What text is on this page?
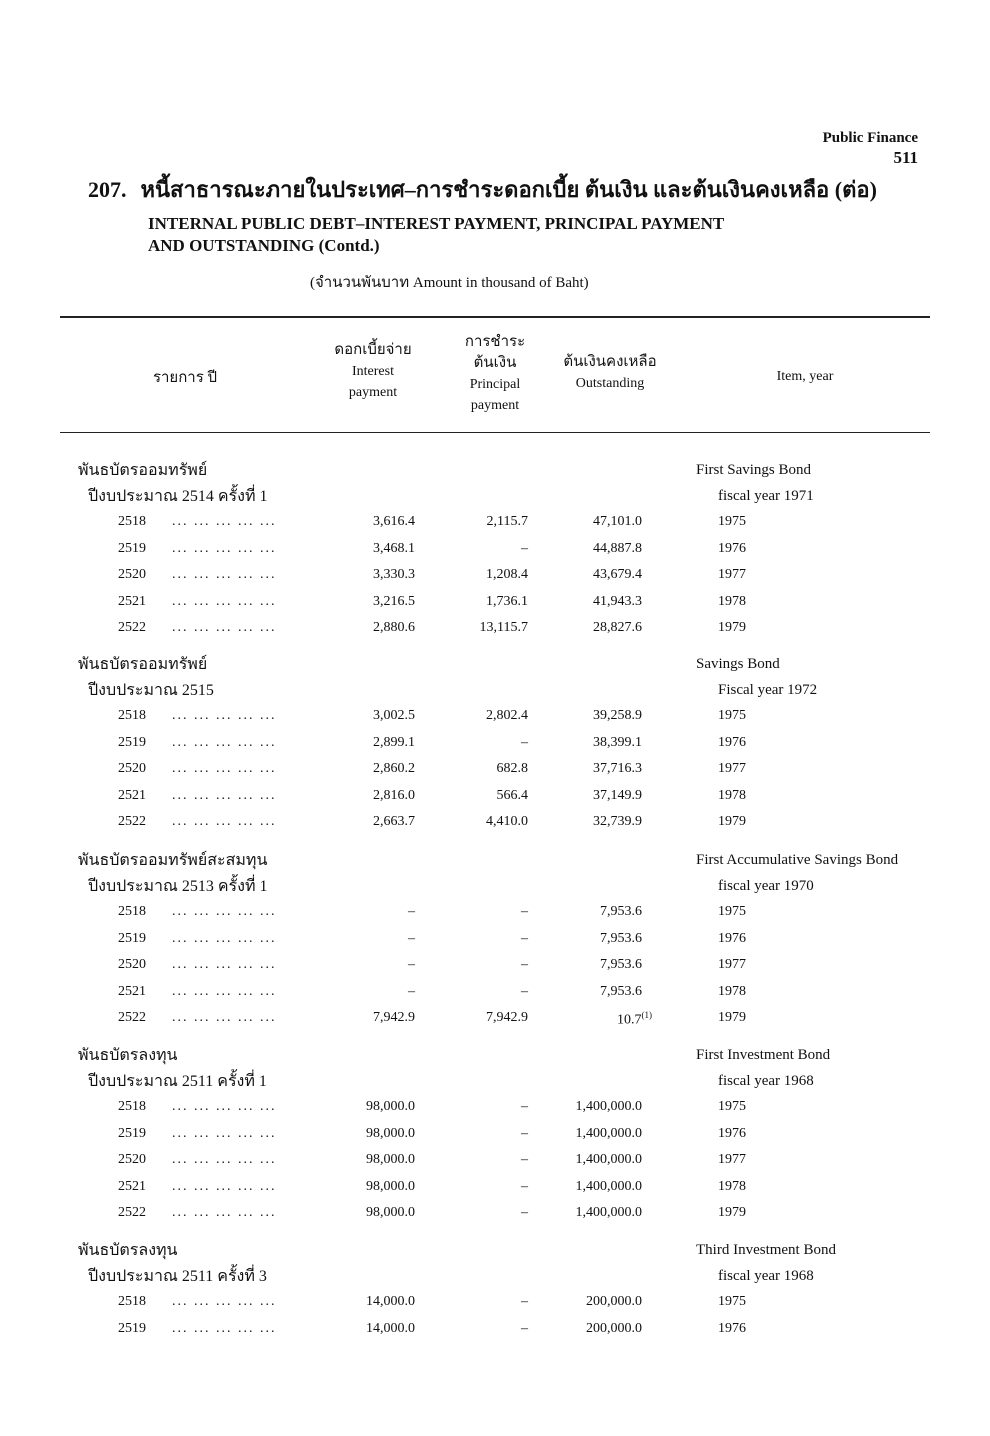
Public Finance
511

207. หนี้สาธารณะภายในประเทศ–การชำระดอกเบี้ย ต้นเงิน และต้นเงินคงเหลือ (ต่อ)

INTERNAL PUBLIC DEBT–INTEREST PAYMENT, PRINCIPAL PAYMENT
AND OUTSTANDING (Contd.)
(จำนวนพันบาท Amount in thousand of Baht)
รายการ ปี
ดอกเบี้ยจ่าย
Interest
payment
การชำระ
ต้นเงิน
Principal
payment
ต้นเงินคงเหลือ
Outstanding	Item, year
พันธบัตรออมทรัพย์
ปีงบประมาณ 2514 ครั้งที่ 1
First Savings Bond
fiscal year 1971
2518 ... ... ... ... ...	3,616.4	2,115.7	47,101.0	1975
2519 ... ... ... ... ...	3,468.1	–	44,887.8	1976
2520 ... ... ... ... ...	3,330.3	1,208.4	43,679.4	1977
2521 ... ... ... ... ...	3,216.5	1,736.1	41,943.3	1978
2522 ... ... ... ... ...	2,880.6	13,115.7	28,827.6	1979
พันธบัตรออมทรัพย์
ปีงบประมาณ 2515
Savings Bond
Fiscal year 1972
2518 ... ... ... ... ...	3,002.5	2,802.4	39,258.9	1975
2519 ... ... ... ... ...	2,899.1	–	38,399.1	1976
2520 ... ... ... ... ...	2,860.2	682.8	37,716.3	1977
2521 ... ... ... ... ...	2,816.0	566.4	37,149.9	1978
2522 ... ... ... ... ...	2,663.7	4,410.0	32,739.9	1979
พันธบัตรออมทรัพย์สะสมทุน
ปีงบประมาณ 2513 ครั้งที่ 1
First Accumulative Savings Bond
fiscal year 1970
2518 ... ... ... ... ...	–	–	7,953.6	1975
2519 ... ... ... ... ...	–	–	7,953.6	1976
2520 ... ... ... ... ...	–	–	7,953.6	1977
2521 ... ... ... ... ...	–	–	7,953.6	1978
2522 ... ... ... ... ...	7,942.9	7,942.9	10.7$^{(1)}$	1979
พันธบัตรลงทุน
ปีงบประมาณ 2511 ครั้งที่ 1
First Investment Bond
fiscal year 1968
2518 ... ... ... ... ...	98,000.0	–	1,400,000.0	1975
2519 ... ... ... ... ...	98,000.0	–	1,400,000.0	1976
2520 ... ... ... ... ...	98,000.0	–	1,400,000.0	1977
2521 ... ... ... ... ...	98,000.0	–	1,400,000.0	1978
2522 ... ... ... ... ...	98,000.0	–	1,400,000.0	1979
พันธบัตรลงทุน
ปีงบประมาณ 2511 ครั้งที่ 3
Third Investment Bond
fiscal year 1968
2518 ... ... ... ... ...	14,000.0	–	200,000.0	1975
2519 ... ... ... ... ...	14,000.0	–	200,000.0	1976
